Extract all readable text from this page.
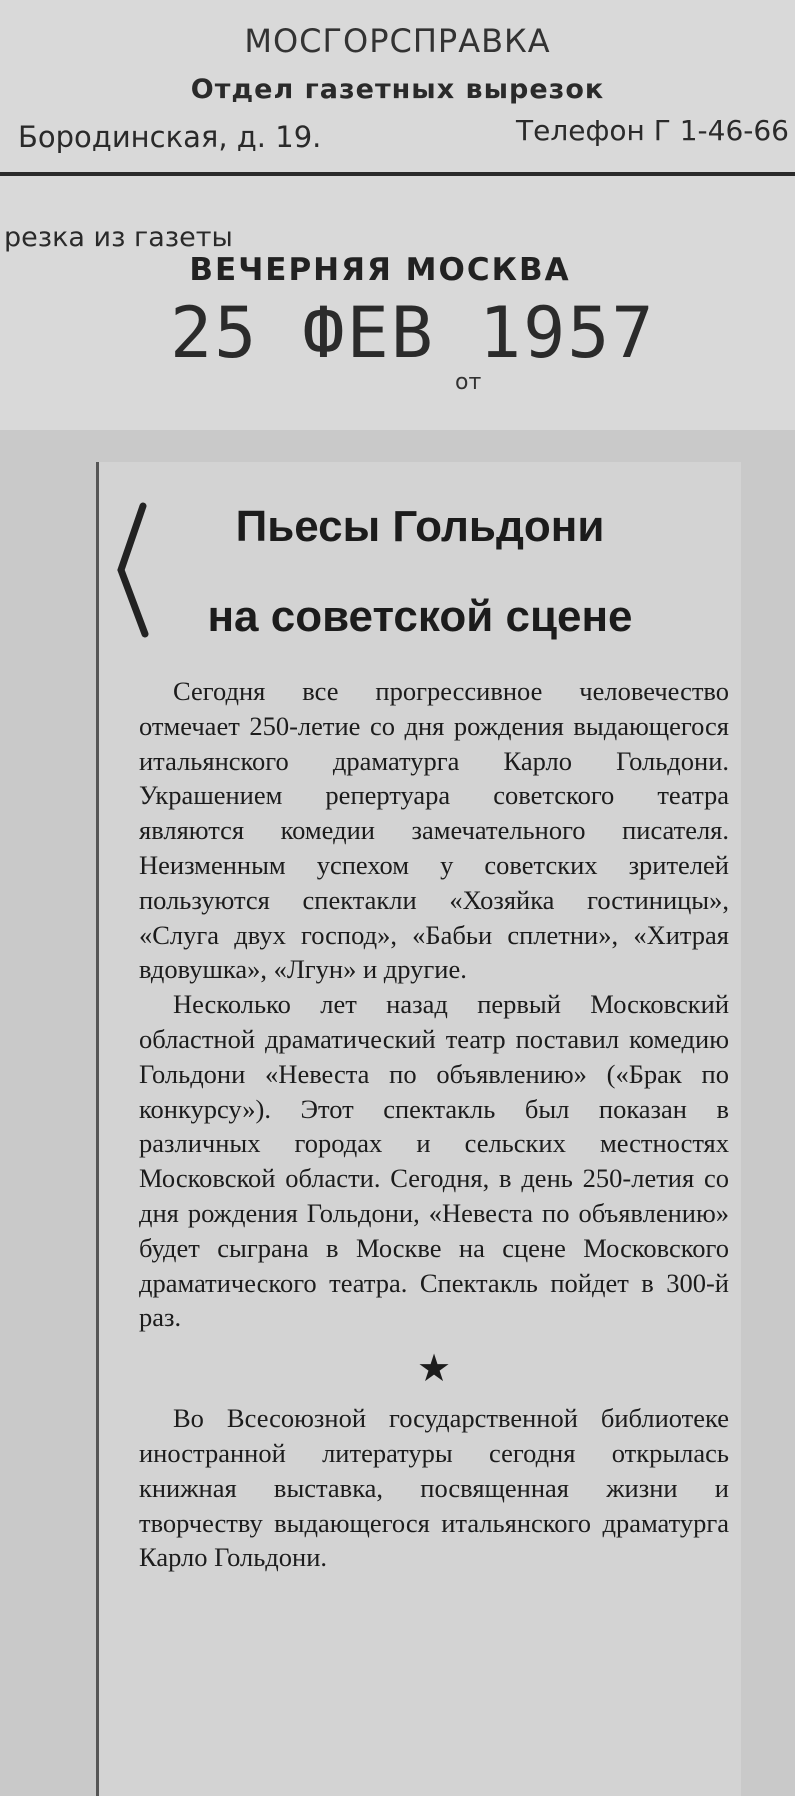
МОСГОРСПРАВКА
Отдел газетных вырезок
Бородинская, д. 19.	Телефон Г 1-46-66
резка из газеты
ВЕЧЕРНЯЯ МОСКВА
25 ФЕВ 1957
от
Пьесы Гольдони
на советской сцене

Сегодня все прогрессивное человечество отмечает 250-летие со дня рождения выдающегося итальянского драматурга Карло Гольдони. Украшением репертуара советского театра являются комедии замечательного писателя. Неизменным успехом у советских зрителей пользуются спектакли «Хозяйка гостиницы», «Слуга двух господ», «Бабьи сплетни», «Хитрая вдовушка», «Лгун» и другие.

Несколько лет назад первый Московский областной драматический театр поставил комедию Гольдони «Невеста по объявлению» («Брак по конкурсу»). Этот спектакль был показан в различных городах и сельских местностях Московской области. Сегодня, в день 250-летия со дня рождения Гольдони, «Невеста по объявлению» будет сыграна в Москве на сцене Московского драматического театра. Спектакль пойдет в 300-й раз.

★

Во Всесоюзной государственной библиотеке иностранной литературы сегодня открылась книжная выставка, посвященная жизни и творчеству выдающегося итальянского драматурга Карло Гольдони.
